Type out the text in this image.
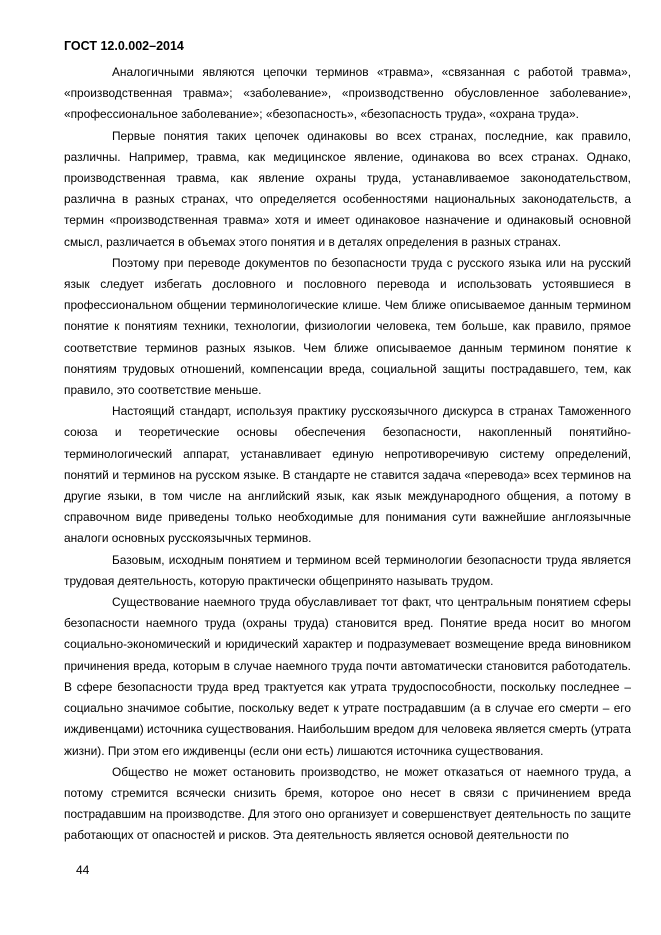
ГОСТ 12.0.002–2014

Аналогичными являются цепочки терминов «травма», «связанная с работой травма», «производственная травма»; «заболевание», «производственно обусловленное заболевание», «профессиональное заболевание»; «безопасность», «безопасность труда», «охрана труда».

Первые понятия таких цепочек одинаковы во всех странах, последние, как правило, различны. Например, травма, как медицинское явление, одинакова во всех странах. Однако, производственная травма, как явление охраны труда, устанавливаемое законодательством, различна в разных странах, что определяется особенностями национальных законодательств, а термин «производственная травма» хотя и имеет одинаковое назначение и одинаковый основной смысл, различается в объемах этого понятия и в деталях определения в разных странах.

Поэтому при переводе документов по безопасности труда с русского языка или на русский язык следует избегать дословного и пословного перевода и использовать устоявшиеся в профессиональном общении терминологические клише. Чем ближе описываемое данным термином понятие к понятиям техники, технологии, физиологии человека, тем больше, как правило, прямое соответствие терминов разных языков. Чем ближе описываемое данным термином понятие к понятиям трудовых отношений, компенсации вреда, социальной защиты пострадавшего, тем, как правило, это соответствие меньше.

Настоящий стандарт, используя практику русскоязычного дискурса в странах Таможенного союза и теоретические основы обеспечения безопасности, накопленный понятийно-терминологический аппарат, устанавливает единую непротиворечивую систему определений, понятий и терминов на русском языке. В стандарте не ставится задача «перевода» всех терминов на другие языки, в том числе на английский язык, как язык международного общения, а потому в справочном виде приведены только необходимые для понимания сути важнейшие англоязычные аналоги основных русскоязычных терминов.

Базовым, исходным понятием и термином всей терминологии безопасности труда является трудовая деятельность, которую практически общепринято называть трудом.

Существование наемного труда обуславливает тот факт, что центральным понятием сферы безопасности наемного труда (охраны труда) становится вред. Понятие вреда носит во многом социально-экономический и юридический характер и подразумевает возмещение вреда виновником причинения вреда, которым в случае наемного труда почти автоматически становится работодатель. В сфере безопасности труда вред трактуется как утрата трудоспособности, поскольку последнее – социально значимое событие, поскольку ведет к утрате пострадавшим (а в случае его смерти – его иждивенцами) источника существования. Наибольшим вредом для человека является смерть (утрата жизни). При этом его иждивенцы (если они есть) лишаются источника существования.

Общество не может остановить производство, не может отказаться от наемного труда, а потому стремится всячески снизить бремя, которое оно несет в связи с причинением вреда пострадавшим на производстве. Для этого оно организует и совершенствует деятельность по защите работающих от опасностей и рисков. Эта деятельность является основой деятельности по

44
